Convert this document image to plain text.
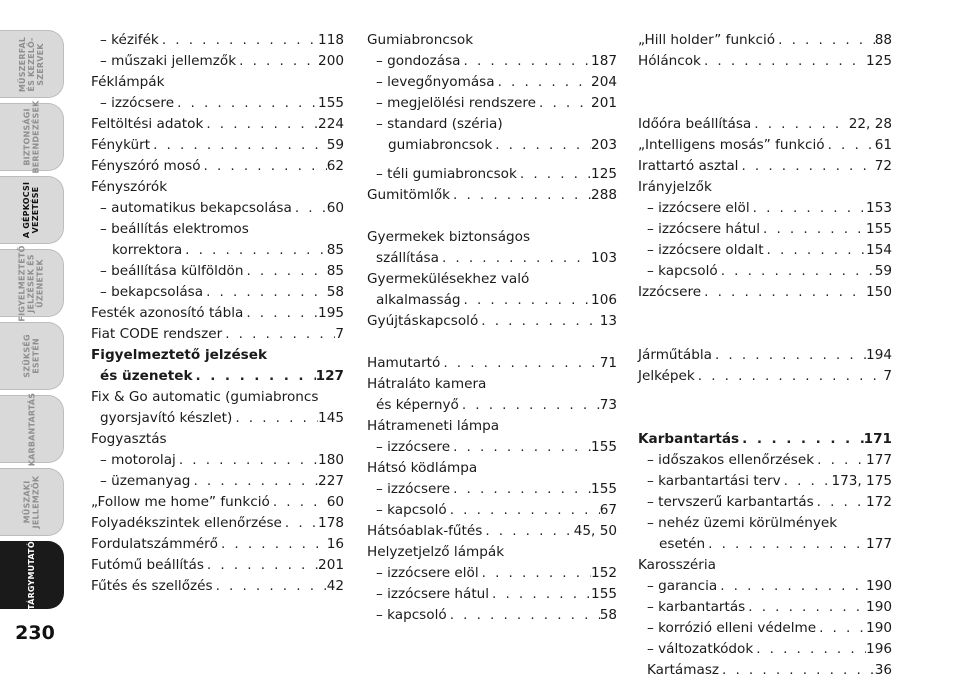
MŰSZERFAL
ÉS KEZELŐ-
SZERVEK
BIZTONSÁGI
BERENDEZÉSEK
A GÉPKOCSI
VEZETÉSE
FIGYELMEZTETŐ
JELZÉSEK ÉS
ÜZENETEK
SZÜKSÉG
ESETÉN
KARBANTARTÁS
MŰSZAKI
JELLEMZŐK
TÁRGYMUTATÓ
230
– kézifék . . .	118
– műszaki jellemzők . . .	200
Féklámpák
– izzócsere . . .	155
Feltöltési adatok . . .	224
Fénykürt . . .	59
Fényszóró mosó . . .	62
Fényszórók
– automatikus bekapcsolása . . .	60
– beállítás elektromos
korrektora . . .	85
– beállítása külföldön . . .	85
– bekapcsolása . . .	58
Festék azonosító tábla . . .	195
Fiat CODE rendszer . . .	7
Figyelmeztető jelzések
és üzenetek . . .	127
Fix & Go automatic (gumiabroncs
gyorsjavító készlet) . . .	145
Fogyasztás
– motorolaj . . .	180
– üzemanyag . . .	227
„Follow me home” funkció . . .	60
Folyadékszintek ellenőrzése . . .	178
Fordulatszámmérő . . .	16
Futómű beállítás . . .	201
Fűtés és szellőzés . . .	42
Gumiabroncsok
– gondozása . . .	187
– levegőnyomása . . .	204
– megjelölési rendszere . . .	201
– standard (széria)
gumiabroncsok . . .	203
– téli gumiabroncsok . . .	125
Gumitömlők . . .	288
Gyermekek biztonságos
szállítása . . .	103
Gyermekülésekhez való
alkalmasság . . .	106
Gyújtáskapcsoló . . .	13
Hamutartó . . .	71
Hátraláto kamera
és képernyő . . .	73
Hátrameneti lámpa
– izzócsere . . .	155
Hátsó ködlámpa
– izzócsere . . .	155
– kapcsoló . . .	67
Hátsóablak-fűtés . . .	45, 50
Helyzetjelző lámpák
– izzócsere elöl . . .	152
– izzócsere hátul . . .	155
– kapcsoló . . .	58
„Hill holder” funkció . . .	88
Hóláncok . . .	125
Időóra beállítása . . .	22, 28
„Intelligens mosás” funkció . . .	61
Irattartó asztal . . .	72
Irányjelzők
– izzócsere elöl . . .	153
– izzócsere hátul . . .	155
– izzócsere oldalt . . .	154
– kapcsoló . . .	59
Izzócsere . . .	150
Járműtábla . . .	194
Jelképek . . .	7
Karbantartás . . .	171
– időszakos ellenőrzések . . .	177
– karbantartási terv . . .	173, 175
– tervszerű karbantartás . . .	172
– nehéz üzemi körülmények
esetén . . .	177
Karosszéria
– garancia . . .	190
– karbantartás . . .	190
– korrózió elleni védelme . . .	190
– változatkódok . . .	196
Kartámasz . . .	36
